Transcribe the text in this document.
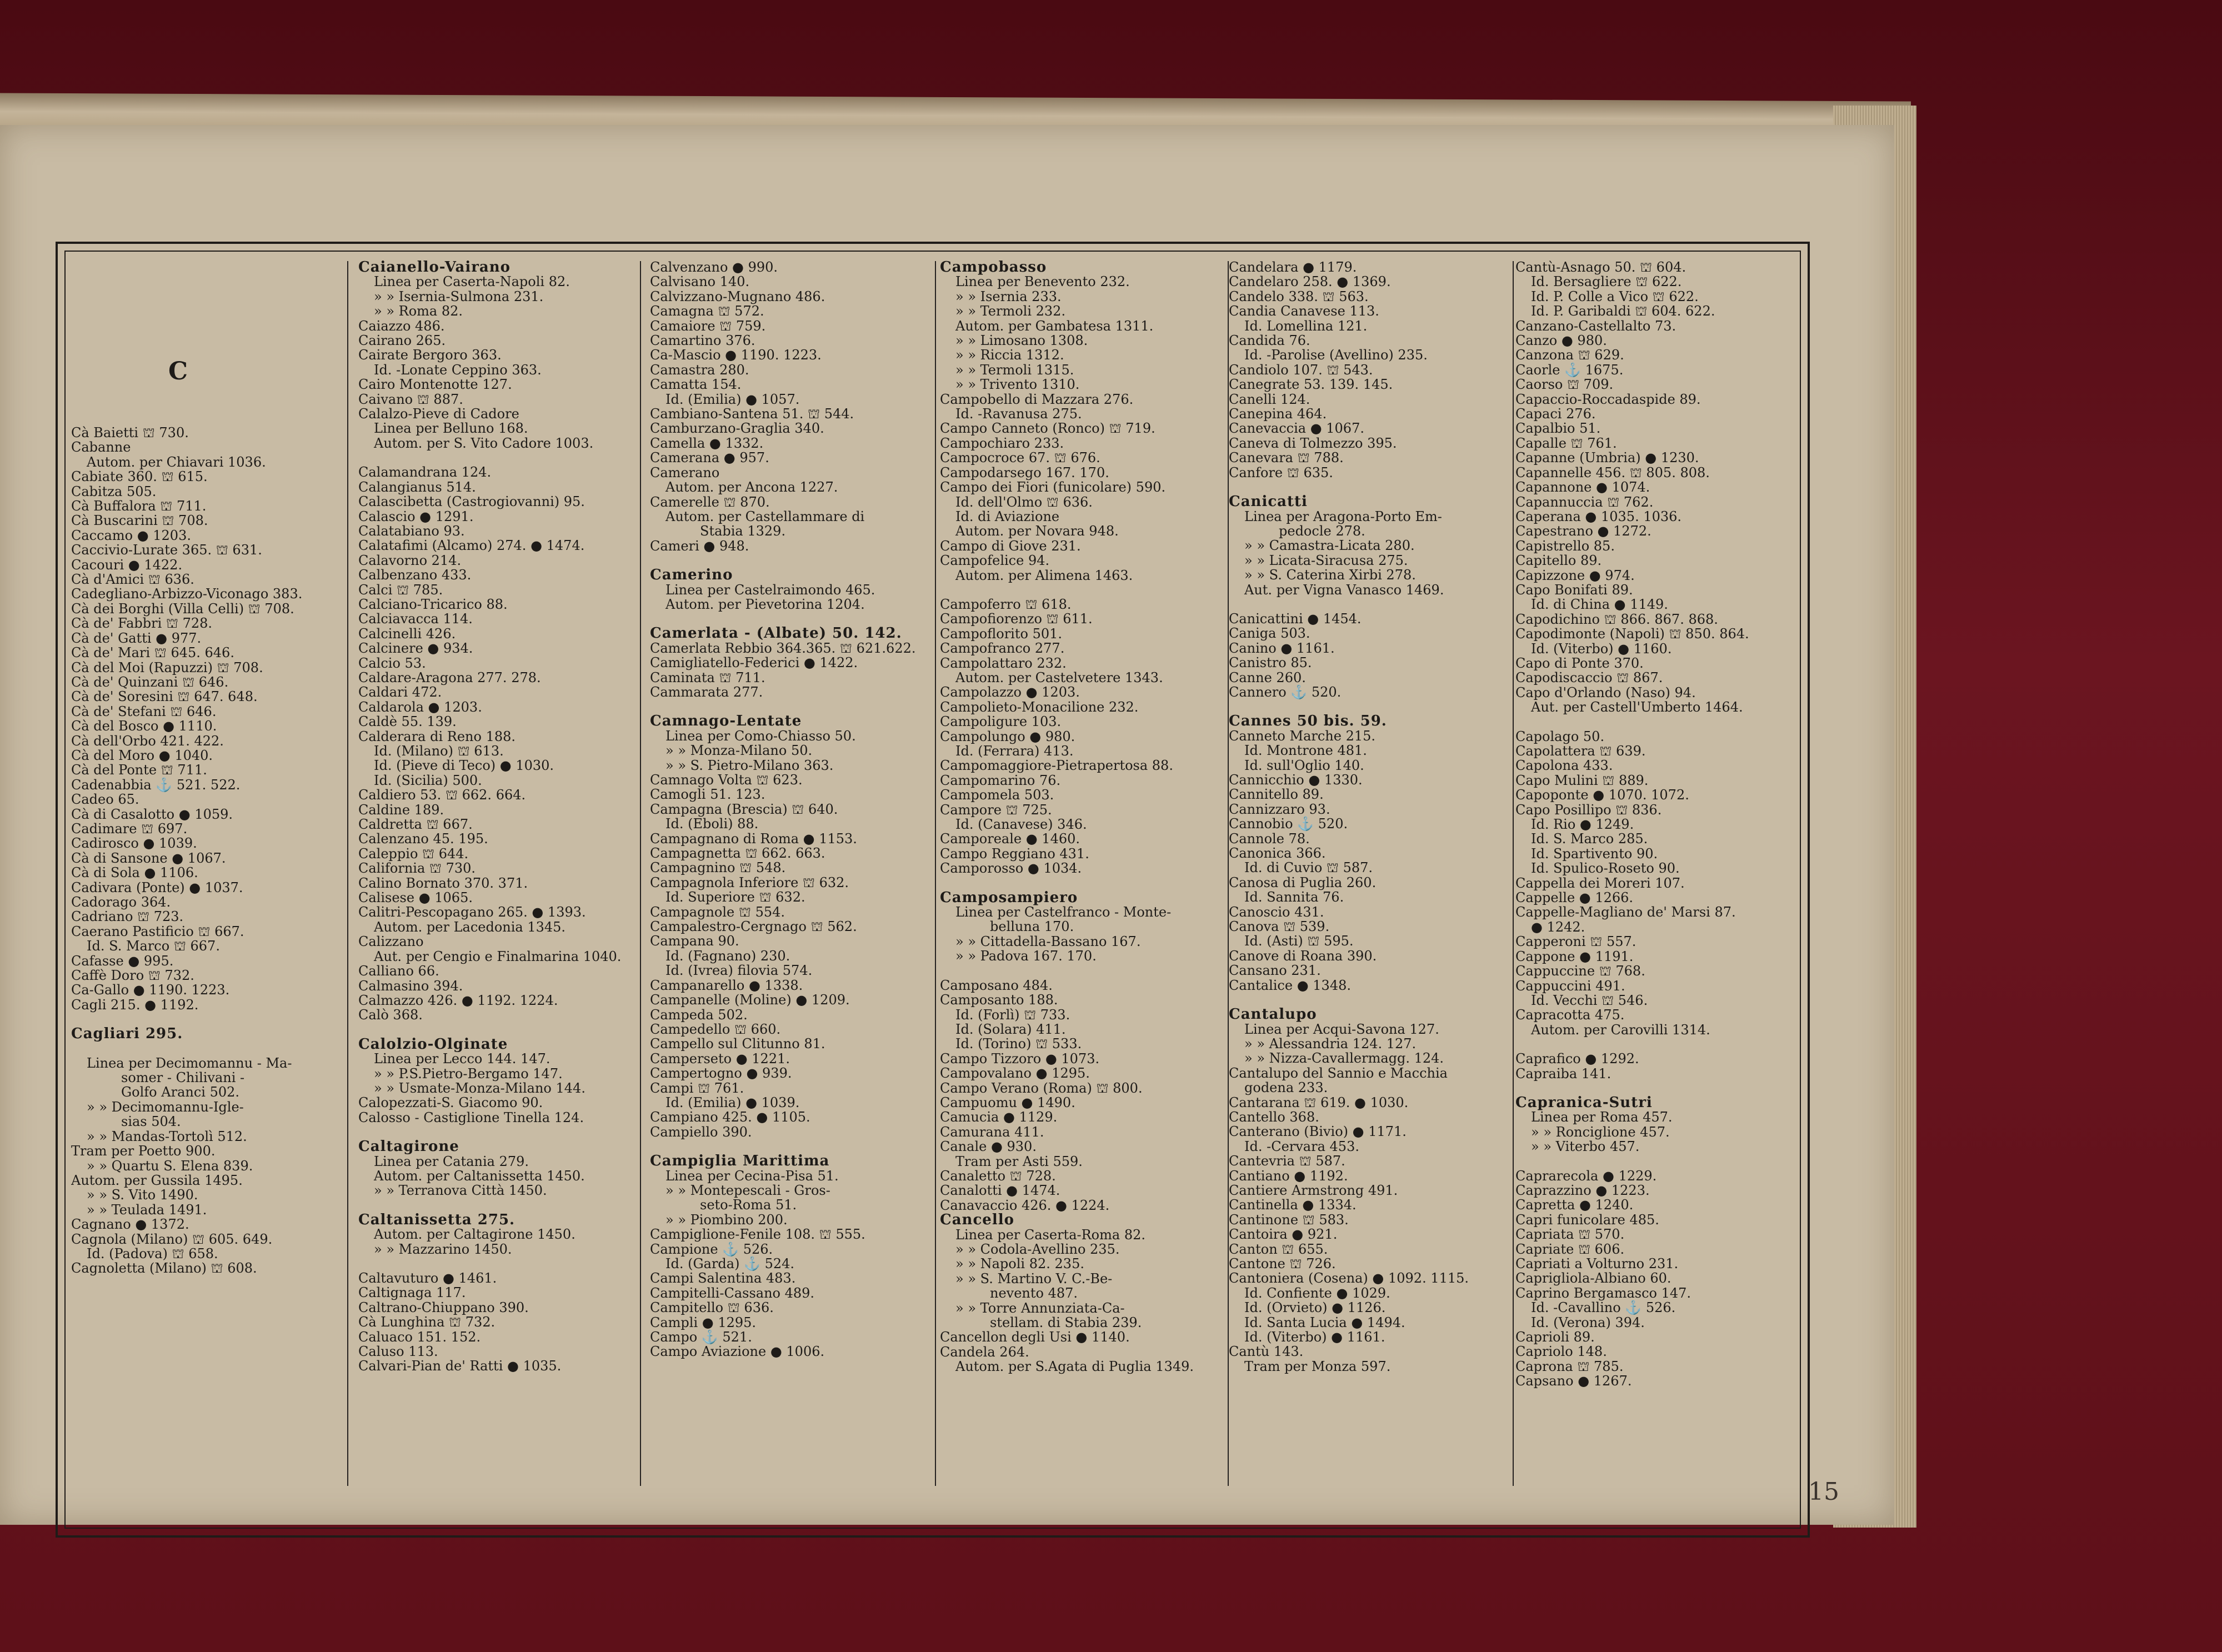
C
Cà Baietti ⛫ 730.
Cabanne
Autom. per Chiavari 1036.
Cabiate 360. ⛫ 615.
Cabitza 505.
Cà Buffalora ⛫ 711.
Cà Buscarini ⛫ 708.
Caccamo ● 1203.
Caccivio-Lurate 365. ⛫ 631.
Cacouri ● 1422.
Cà d'Amici ⛫ 636.
Cadegliano-Arbizzo-Viconago 383.
Cà dei Borghi (Villa Celli) ⛫ 708.
Cà de' Fabbri ⛫ 728.
Cà de' Gatti ● 977.
Cà de' Mari ⛫ 645. 646.
Cà del Moi (Rapuzzi) ⛫ 708.
Cà de' Quinzani ⛫ 646.
Cà de' Soresini ⛫ 647. 648.
Cà de' Stefani ⛫ 646.
Cà del Bosco ● 1110.
Cà dell'Orbo 421. 422.
Cà del Moro ● 1040.
Cà del Ponte ⛫ 711.
Cadenabbia ⚓ 521. 522.
Cadeo 65.
Cà di Casalotto ● 1059.
Cadimare ⛫ 697.
Cadirosco ● 1039.
Cà di Sansone ● 1067.
Cà di Sola ● 1106.
Cadivara (Ponte) ● 1037.
Cadorago 364.
Cadriano ⛫ 723.
Caerano Pastificio ⛫ 667.
Id. S. Marco ⛫ 667.
Cafasse ● 995.
Caffè Doro ⛫ 732.
Ca-Gallo ● 1190. 1223.
Cagli 215. ● 1192.
Cagliari 295.
Linea per Decimomannu - Ma-
somer - Chilivani -
Golfo Aranci 502.
» » Decimomannu-Igle-
sias 504.
» » Mandas-Tortolì 512.
Tram per Poetto 900.
» » Quartu S. Elena 839.
Autom. per Gussila 1495.
» » S. Vito 1490.
» » Teulada 1491.
Cagnano ● 1372.
Cagnola (Milano) ⛫ 605. 649.
Id. (Padova) ⛫ 658.
Cagnoletta (Milano) ⛫ 608.
Caianello-Vairano
Linea per Caserta-Napoli 82.
» » Isernia-Sulmona 231.
» » Roma 82.
Caiazzo 486.
Cairano 265.
Cairate Bergoro 363.
Id. -Lonate Ceppino 363.
Cairo Montenotte 127.
Caivano ⛫ 887.
Calalzo-Pieve di Cadore
Linea per Belluno 168.
Autom. per S. Vito Cadore 1003.
Calamandrana 124.
Calangianus 514.
Calascibetta (Castrogiovanni) 95.
Calascio ● 1291.
Calatabiano 93.
Calatafimi (Alcamo) 274. ● 1474.
Calavorno 214.
Calbenzano 433.
Calci ⛫ 785.
Calciano-Tricarico 88.
Calciavacca 114.
Calcinelli 426.
Calcinere ● 934.
Calcio 53.
Caldare-Aragona 277. 278.
Caldari 472.
Caldarola ● 1203.
Caldè 55. 139.
Calderara di Reno 188.
Id. (Milano) ⛫ 613.
Id. (Pieve di Teco) ● 1030.
Id. (Sicilia) 500.
Caldiero 53. ⛫ 662. 664.
Caldine 189.
Caldretta ⛫ 667.
Calenzano 45. 195.
Caleppio ⛫ 644.
California ⛫ 730.
Calino Bornato 370. 371.
Calisese ● 1065.
Calitri-Pescopagano 265. ● 1393.
Autom. per Lacedonia 1345.
Calizzano
Aut. per Cengio e Finalmarina 1040.
Calliano 66.
Calmasino 394.
Calmazzo 426. ● 1192. 1224.
Calò 368.
Calolzio-Olginate
Linea per Lecco 144. 147.
» » P.S.Pietro-Bergamo 147.
» » Usmate-Monza-Milano 144.
Calopezzati-S. Giacomo 90.
Calosso - Castiglione Tinella 124.
Caltagirone
Linea per Catania 279.
Autom. per Caltanissetta 1450.
» » Terranova Città 1450.
Caltanissetta 275.
Autom. per Caltagirone 1450.
» » Mazzarino 1450.
Caltavuturo ● 1461.
Caltignaga 117.
Caltrano-Chiuppano 390.
Cà Lunghina ⛫ 732.
Caluaco 151. 152.
Caluso 113.
Calvari-Pian de' Ratti ● 1035.
Calvenzano ● 990.
Calvisano 140.
Calvizzano-Mugnano 486.
Camagna ⛫ 572.
Camaiore ⛫ 759.
Camartino 376.
Ca-Mascio ● 1190. 1223.
Camastra 280.
Camatta 154.
Id. (Emilia) ● 1057.
Cambiano-Santena 51. ⛫ 544.
Camburzano-Graglia 340.
Camella ● 1332.
Camerana ● 957.
Camerano
Autom. per Ancona 1227.
Camerelle ⛫ 870.
Autom. per Castellammare di
Stabia 1329.
Cameri ● 948.
Camerino
Linea per Castelraimondo 465.
Autom. per Pievetorina 1204.
Camerlata - (Albate) 50. 142.
Camerlata Rebbio 364.365. ⛫ 621.622.
Camigliatello-Federici ● 1422.
Caminata ⛫ 711.
Cammarata 277.
Camnago-Lentate
Linea per Como-Chiasso 50.
» » Monza-Milano 50.
» » S. Pietro-Milano 363.
Camnago Volta ⛫ 623.
Camogli 51. 123.
Campagna (Brescia) ⛫ 640.
Id. (Eboli) 88.
Campagnano di Roma ● 1153.
Campagnetta ⛫ 662. 663.
Campagnino ⛫ 548.
Campagnola Inferiore ⛫ 632.
Id. Superiore ⛫ 632.
Campagnole ⛫ 554.
Campalestro-Cergnago ⛫ 562.
Campana 90.
Id. (Fagnano) 230.
Id. (Ivrea) filovia 574.
Campanarello ● 1338.
Campanelle (Moline) ● 1209.
Campeda 502.
Campedello ⛫ 660.
Campello sul Clitunno 81.
Camperseto ● 1221.
Campertogno ● 939.
Campi ⛫ 761.
Id. (Emilia) ● 1039.
Campiano 425. ● 1105.
Campiello 390.
Campiglia Marittima
Linea per Cecina-Pisa 51.
» » Montepescali - Gros-
seto-Roma 51.
» » Piombino 200.
Campiglione-Fenile 108. ⛫ 555.
Campione ⚓ 526.
Id. (Garda) ⚓ 524.
Campi Salentina 483.
Campitelli-Cassano 489.
Campitello ⛫ 636.
Campli ● 1295.
Campo ⚓ 521.
Campo Aviazione ● 1006.
Campobasso
Linea per Benevento 232.
» » Isernia 233.
» » Termoli 232.
Autom. per Gambatesa 1311.
» » Limosano 1308.
» » Riccia 1312.
» » Termoli 1315.
» » Trivento 1310.
Campobello di Mazzara 276.
Id. -Ravanusa 275.
Campo Canneto (Ronco) ⛫ 719.
Campochiaro 233.
Campocroce 67. ⛫ 676.
Campodarsego 167. 170.
Campo dei Fiori (funicolare) 590.
Id. dell'Olmo ⛫ 636.
Id. di Aviazione
Autom. per Novara 948.
Campo di Giove 231.
Campofelice 94.
Autom. per Alimena 1463.
Campoferro ⛫ 618.
Campofiorenzo ⛫ 611.
Campoflorito 501.
Campofranco 277.
Campolattaro 232.
Autom. per Castelvetere 1343.
Campolazzo ● 1203.
Campolieto-Monacilione 232.
Campoligure 103.
Campolungo ● 980.
Id. (Ferrara) 413.
Campomaggiore-Pietrapertosa 88.
Campomarino 76.
Campomela 503.
Campore ⛫ 725.
Id. (Canavese) 346.
Camporeale ● 1460.
Campo Reggiano 431.
Camporosso ● 1034.
Camposampiero
Linea per Castelfranco - Monte-
belluna 170.
» » Cittadella-Bassano 167.
» » Padova 167. 170.
Camposano 484.
Camposanto 188.
Id. (Forlì) ⛫ 733.
Id. (Solara) 411.
Id. (Torino) ⛫ 533.
Campo Tizzoro ● 1073.
Campovalano ● 1295.
Campo Verano (Roma) ⛫ 800.
Campuomu ● 1490.
Camucia ● 1129.
Camurana 411.
Canale ● 930.
Tram per Asti 559.
Canaletto ⛫ 728.
Canalotti ● 1474.
Canavaccio 426. ● 1224.
Cancello
Linea per Caserta-Roma 82.
» » Codola-Avellino 235.
» » Napoli 82. 235.
» » S. Martino V. C.-Be-
nevento 487.
» » Torre Annunziata-Ca-
stellam. di Stabia 239.
Cancellon degli Usi ● 1140.
Candela 264.
Autom. per S.Agata di Puglia 1349.
Candelara ● 1179.
Candelaro 258. ● 1369.
Candelo 338. ⛫ 563.
Candia Canavese 113.
Id. Lomellina 121.
Candida 76.
Id. -Parolise (Avellino) 235.
Candiolo 107. ⛫ 543.
Canegrate 53. 139. 145.
Canelli 124.
Canepina 464.
Canevaccia ● 1067.
Caneva di Tolmezzo 395.
Canevara ⛫ 788.
Canfore ⛫ 635.
Canicatti
Linea per Aragona-Porto Em-
pedocle 278.
» » Camastra-Licata 280.
» » Licata-Siracusa 275.
» » S. Caterina Xirbi 278.
Aut. per Vigna Vanasco 1469.
Canicattini ● 1454.
Caniga 503.
Canino ● 1161.
Canistro 85.
Canne 260.
Cannero ⚓ 520.
Cannes 50 bis. 59.
Canneto Marche 215.
Id. Montrone 481.
Id. sull'Oglio 140.
Cannicchio ● 1330.
Cannitello 89.
Cannizzaro 93.
Cannobio ⚓ 520.
Cannole 78.
Canonica 366.
Id. di Cuvio ⛫ 587.
Canosa di Puglia 260.
Id. Sannita 76.
Canoscio 431.
Canova ⛫ 539.
Id. (Asti) ⛫ 595.
Canove di Roana 390.
Cansano 231.
Cantalice ● 1348.
Cantalupo
Linea per Acqui-Savona 127.
» » Alessandria 124. 127.
» » Nizza-Cavallermagg. 124.
Cantalupo del Sannio e Macchia
godena 233.
Cantarana ⛫ 619. ● 1030.
Cantello 368.
Canterano (Bivio) ● 1171.
Id. -Cervara 453.
Cantevria ⛫ 587.
Cantiano ● 1192.
Cantiere Armstrong 491.
Cantinella ● 1334.
Cantinone ⛫ 583.
Cantoira ● 921.
Canton ⛫ 655.
Cantone ⛫ 726.
Cantoniera (Cosena) ● 1092. 1115.
Id. Confiente ● 1029.
Id. (Orvieto) ● 1126.
Id. Santa Lucia ● 1494.
Id. (Viterbo) ● 1161.
Cantù 143.
Tram per Monza 597.
Cantù-Asnago 50. ⛫ 604.
Id. Bersagliere ⛫ 622.
Id. P. Colle a Vico ⛫ 622.
Id. P. Garibaldi ⛫ 604. 622.
Canzano-Castellalto 73.
Canzo ● 980.
Canzona ⛫ 629.
Caorle ⚓ 1675.
Caorso ⛫ 709.
Capaccio-Roccadaspide 89.
Capaci 276.
Capalbio 51.
Capalle ⛫ 761.
Capanne (Umbria) ● 1230.
Capannelle 456. ⛫ 805. 808.
Capannone ● 1074.
Capannuccia ⛫ 762.
Caperana ● 1035. 1036.
Capestrano ● 1272.
Capistrello 85.
Capitello 89.
Capizzone ● 974.
Capo Bonifati 89.
Id. di China ● 1149.
Capodichino ⛫ 866. 867. 868.
Capodimonte (Napoli) ⛫ 850. 864.
Id. (Viterbo) ● 1160.
Capo di Ponte 370.
Capodiscaccio ⛫ 867.
Capo d'Orlando (Naso) 94.
Aut. per Castell'Umberto 1464.
Capolago 50.
Capolattera ⛫ 639.
Capolona 433.
Capo Mulini ⛫ 889.
Capoponte ● 1070. 1072.
Capo Posillipo ⛫ 836.
Id. Rio ● 1249.
Id. S. Marco 285.
Id. Spartivento 90.
Id. Spulico-Roseto 90.
Cappella dei Moreri 107.
Cappelle ● 1266.
Cappelle-Magliano de' Marsi 87.
● 1242.
Capperoni ⛫ 557.
Cappone ● 1191.
Cappuccine ⛫ 768.
Cappuccini 491.
Id. Vecchi ⛫ 546.
Capracotta 475.
Autom. per Carovilli 1314.
Caprafico ● 1292.
Capraiba 141.
Capranica-Sutri
Linea per Roma 457.
» » Ronciglione 457.
» » Viterbo 457.
Caprarecola ● 1229.
Caprazzino ● 1223.
Capretta ● 1240.
Capri funicolare 485.
Capriata ⛫ 570.
Capriate ⛫ 606.
Capriati a Volturno 231.
Caprigliola-Albiano 60.
Caprino Bergamasco 147.
Id. -Cavallino ⚓ 526.
Id. (Verona) 394.
Caprioli 89.
Capriolo 148.
Caprona ⛫ 785.
Capsano ● 1267.
15
